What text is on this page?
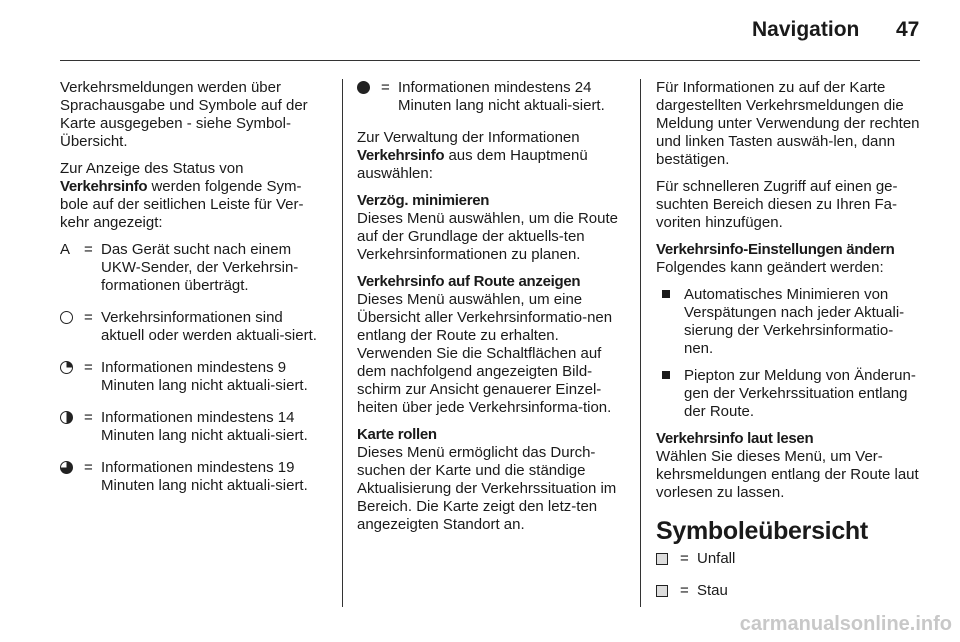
Navigation 47

Verkehrsmeldungen werden über Sprachausgabe und Symbole auf der Karte ausgegeben - siehe Symbol-Übersicht.

Zur Anzeige des Status von
Verkehrsinfo werden folgende Sym-bole auf der seitlichen Leiste für Ver-kehr angezeigt:

A = Das Gerät sucht nach einem UKW-Sender, der Verkehrsin-formationen überträgt.
= Verkehrsinformationen sind aktuell oder werden aktuali-siert.
= Informationen mindestens 9 Minuten lang nicht aktuali-siert.
= Informationen mindestens 14 Minuten lang nicht aktuali-siert.
= Informationen mindestens 19 Minuten lang nicht aktuali-siert.
= Informationen mindestens 24 Minuten lang nicht aktuali-siert.

Zur Verwaltung der Informationen
Verkehrsinfo aus dem Hauptmenü auswählen:

Verzög. minimieren
Dieses Menü auswählen, um die Route auf der Grundlage der aktuells-ten Verkehrsinformationen zu planen.
Verkehrsinfo auf Route anzeigen
Dieses Menü auswählen, um eine Übersicht aller Verkehrsinformatio-nen entlang der Route zu erhalten. Verwenden Sie die Schaltflächen auf dem nachfolgend angezeigten Bild-schirm zur Ansicht genauerer Einzel-heiten über jede Verkehrsinforma-tion.
Karte rollen
Dieses Menü ermöglicht das Durch-suchen der Karte und die ständige Aktualisierung der Verkehrssituation im Bereich. Die Karte zeigt den letz-ten angezeigten Standort an.

Für Informationen zu auf der Karte dargestellten Verkehrsmeldungen die Meldung unter Verwendung der rechten und linken Tasten auswäh-len, dann bestätigen.

Für schnelleren Zugriff auf einen ge-suchten Bereich diesen zu Ihren Fa-voriten hinzufügen.

Verkehrsinfo-Einstellungen ändern
Folgendes kann geändert werden:
Automatisches Minimieren von Verspätungen nach jeder Aktuali-sierung der Verkehrsinformatio-nen.
Piepton zur Meldung von Änderun-gen der Verkehrssituation entlang der Route.
Verkehrsinfo laut lesen
Wählen Sie dieses Menü, um Ver-kehrsmeldungen entlang der Route laut vorlesen zu lassen.
Symbolеübersicht
= Unfall
= Stau
carmanualsonline.info
